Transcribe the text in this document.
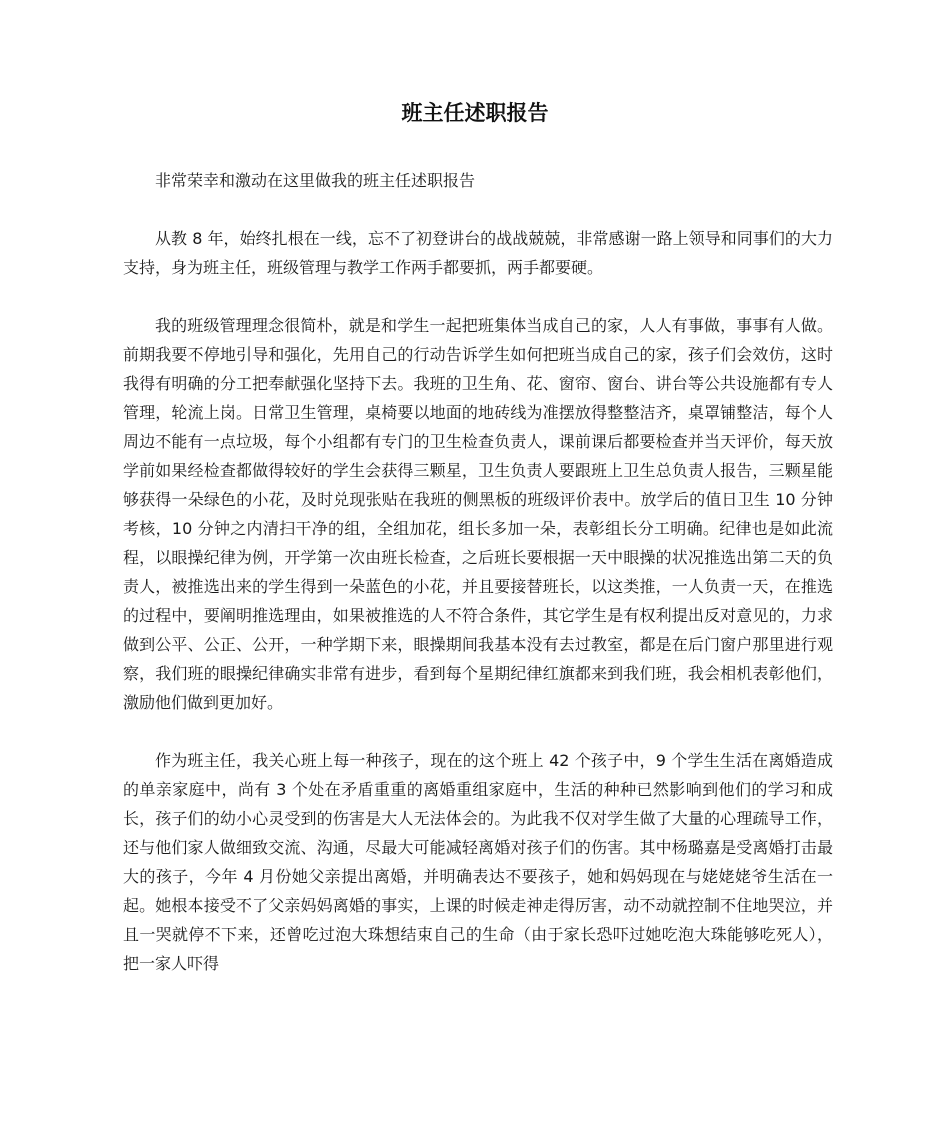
班主任述职报告

非常荣幸和激动在这里做我的班主任述职报告

从教 8 年，始终扎根在一线，忘不了初登讲台的战战兢兢，非常感谢一路上领导和同事们的大力支持，身为班主任，班级管理与教学工作两手都要抓，两手都要硬。

我的班级管理理念很简朴，就是和学生一起把班集体当成自己的家，人人有事做，事事有人做。前期我要不停地引导和强化，先用自己的行动告诉学生如何把班当成自己的家，孩子们会效仿，这时我得有明确的分工把奉献强化坚持下去。我班的卫生角、花、窗帘、窗台、讲台等公共设施都有专人管理，轮流上岗。日常卫生管理，桌椅要以地面的地砖线为准摆放得整整洁齐，桌罩铺整洁，每个人周边不能有一点垃圾，每个小组都有专门的卫生检查负责人，课前课后都要检查并当天评价，每天放学前如果经检查都做得较好的学生会获得三颗星，卫生负责人要跟班上卫生总负责人报告，三颗星能够获得一朵绿色的小花，及时兑现张贴在我班的侧黑板的班级评价表中。放学后的值日卫生 10 分钟考核，10 分钟之内清扫干净的组，全组加花，组长多加一朵，表彰组长分工明确。纪律也是如此流程，以眼操纪律为例，开学第一次由班长检查，之后班长要根据一天中眼操的状况推选出第二天的负责人，被推选出来的学生得到一朵蓝色的小花，并且要接替班长，以这类推，一人负责一天，在推选的过程中，要阐明推选理由，如果被推选的人不符合条件，其它学生是有权利提出反对意见的，力求做到公平、公正、公开，一种学期下来，眼操期间我基本没有去过教室，都是在后门窗户那里进行观察，我们班的眼操纪律确实非常有进步，看到每个星期纪律红旗都来到我们班，我会相机表彰他们，激励他们做到更加好。

作为班主任，我关心班上每一种孩子，现在的这个班上 42 个孩子中，9 个学生生活在离婚造成的单亲家庭中，尚有 3 个处在矛盾重重的离婚重组家庭中，生活的种种已然影响到他们的学习和成长，孩子们的幼小心灵受到的伤害是大人无法体会的。为此我不仅对学生做了大量的心理疏导工作，还与他们家人做细致交流、沟通，尽最大可能减轻离婚对孩子们的伤害。其中杨璐嘉是受离婚打击最大的孩子，今年 4 月份她父亲提出离婚，并明确表达不要孩子，她和妈妈现在与姥姥姥爷生活在一起。她根本接受不了父亲妈妈离婚的事实，上课的时候走神走得厉害，动不动就控制不住地哭泣，并且一哭就停不下来，还曾吃过泡大珠想结束自己的生命（由于家长恐吓过她吃泡大珠能够吃死人），把一家人吓得
